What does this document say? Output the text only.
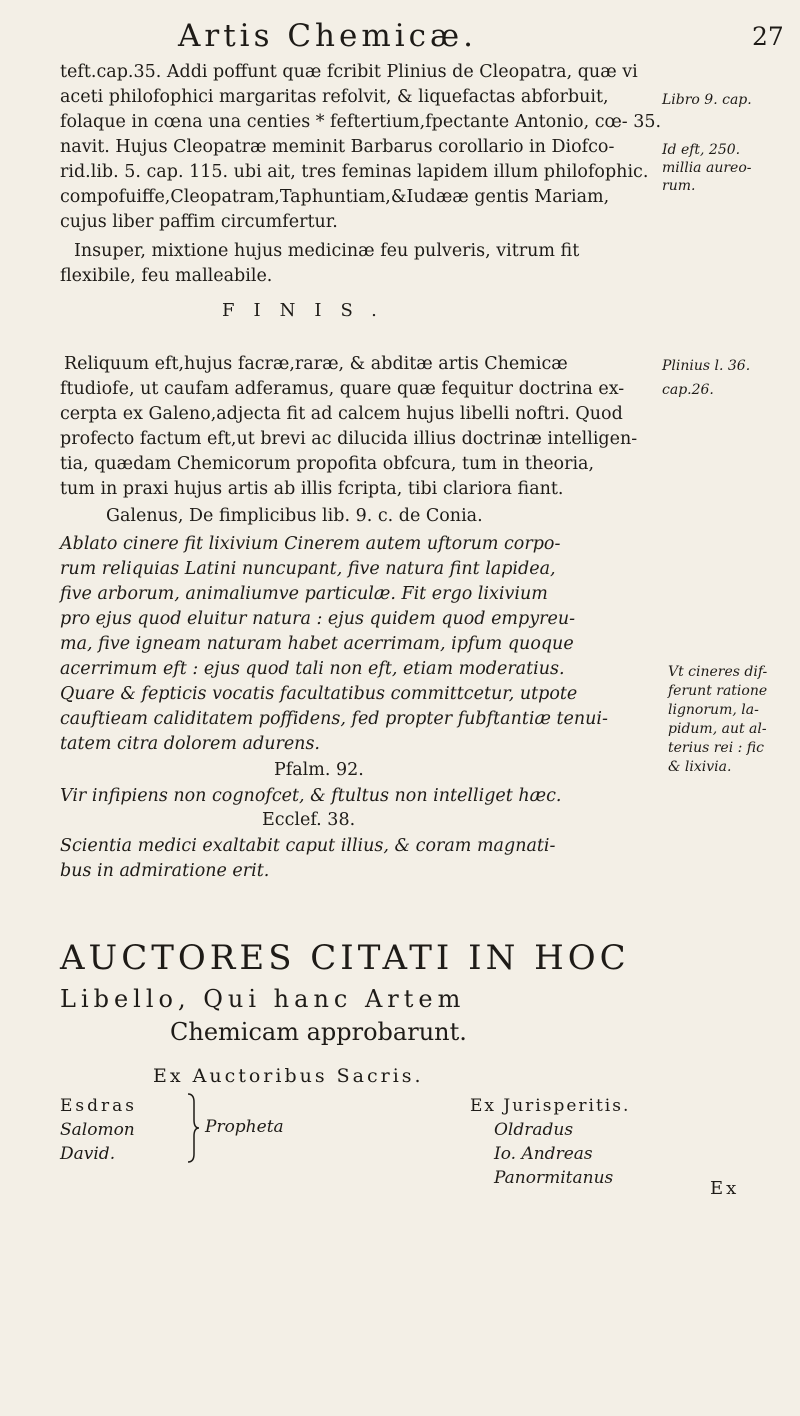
Artis Chemicæ.	27
teft.cap.35. Addi poffunt quæ fcribit Plinius de Cleopatra, quæ vi
aceti philofophici margaritas refolvit, & liquefactas abforbuit,
folaque in cœna una centies * feftertium,fpectante Antonio, cœ- 35.
navit. Hujus Cleopatræ meminit Barbarus corollario in Diofco-
rid.lib. 5. cap. 115. ubi ait, tres feminas lapidem illum philofophic.
compofuiffe,Cleopatram,Taphuntiam,&Iudææ gentis Mariam,
cujus liber paffim circumfertur.
Insuper, mixtione hujus medicinæ feu pulveris, vitrum fit
flexibile, feu malleabile.
Libro 9. cap.
Id eft, 250.
millia aureo-
rum.
FINIS.
Reliquum eft,hujus facræ,raræ, & abditæ artis Chemicæ
ftudiofe, ut caufam adferamus, quare quæ fequitur doctrina ex-
cerpta ex Galeno,adjecta fit ad calcem hujus libelli noftri. Quod
profecto factum eft,ut brevi ac dilucida illius doctrinæ intelligen-
tia, quædam Chemicorum propofita obfcura, tum in theoria,
tum in praxi hujus artis ab illis fcripta, tibi clariora fiant.
Plinius l. 36.
cap.26.
Galenus, De fimplicibus lib. 9. c. de Conia.
Ablato cinere fit lixivium Cinerem autem uftorum corpo-
rum reliquias Latini nuncupant, five natura fint lapidea,
five arborum, animaliumve particulæ. Fit ergo lixivium
pro ejus quod eluitur natura : ejus quidem quod empyreu-
ma, five igneam naturam habet acerrimam, ipfum quoque
acerrimum eft : ejus quod tali non eft, etiam moderatius.
Quare & fepticis vocatis facultatibus committcetur, utpote
cauftieam caliditatem poffidens, fed propter fubftantiæ tenui-
tatem citra dolorem adurens.
Vt cineres dif-
ferunt ratione
lignorum, la-
pidum, aut al-
terius rei : fic
& lixivia.
Pfalm. 92.
Vir infipiens non cognofcet, & ftultus non intelliget hæc.
Ecclef. 38.
Scientia medici exaltabit caput illius, & coram magnati-
bus in admiratione erit.
AUCTORES CITATI IN HOC
Libello, Qui hanc Artem
Chemicam approbarunt.
Ex Auctoribus Sacris.
Esdras
Salomon
David.
Propheta
Ex Jurisperitis.
Oldradus
Io. Andreas
Panormitanus	Ex
